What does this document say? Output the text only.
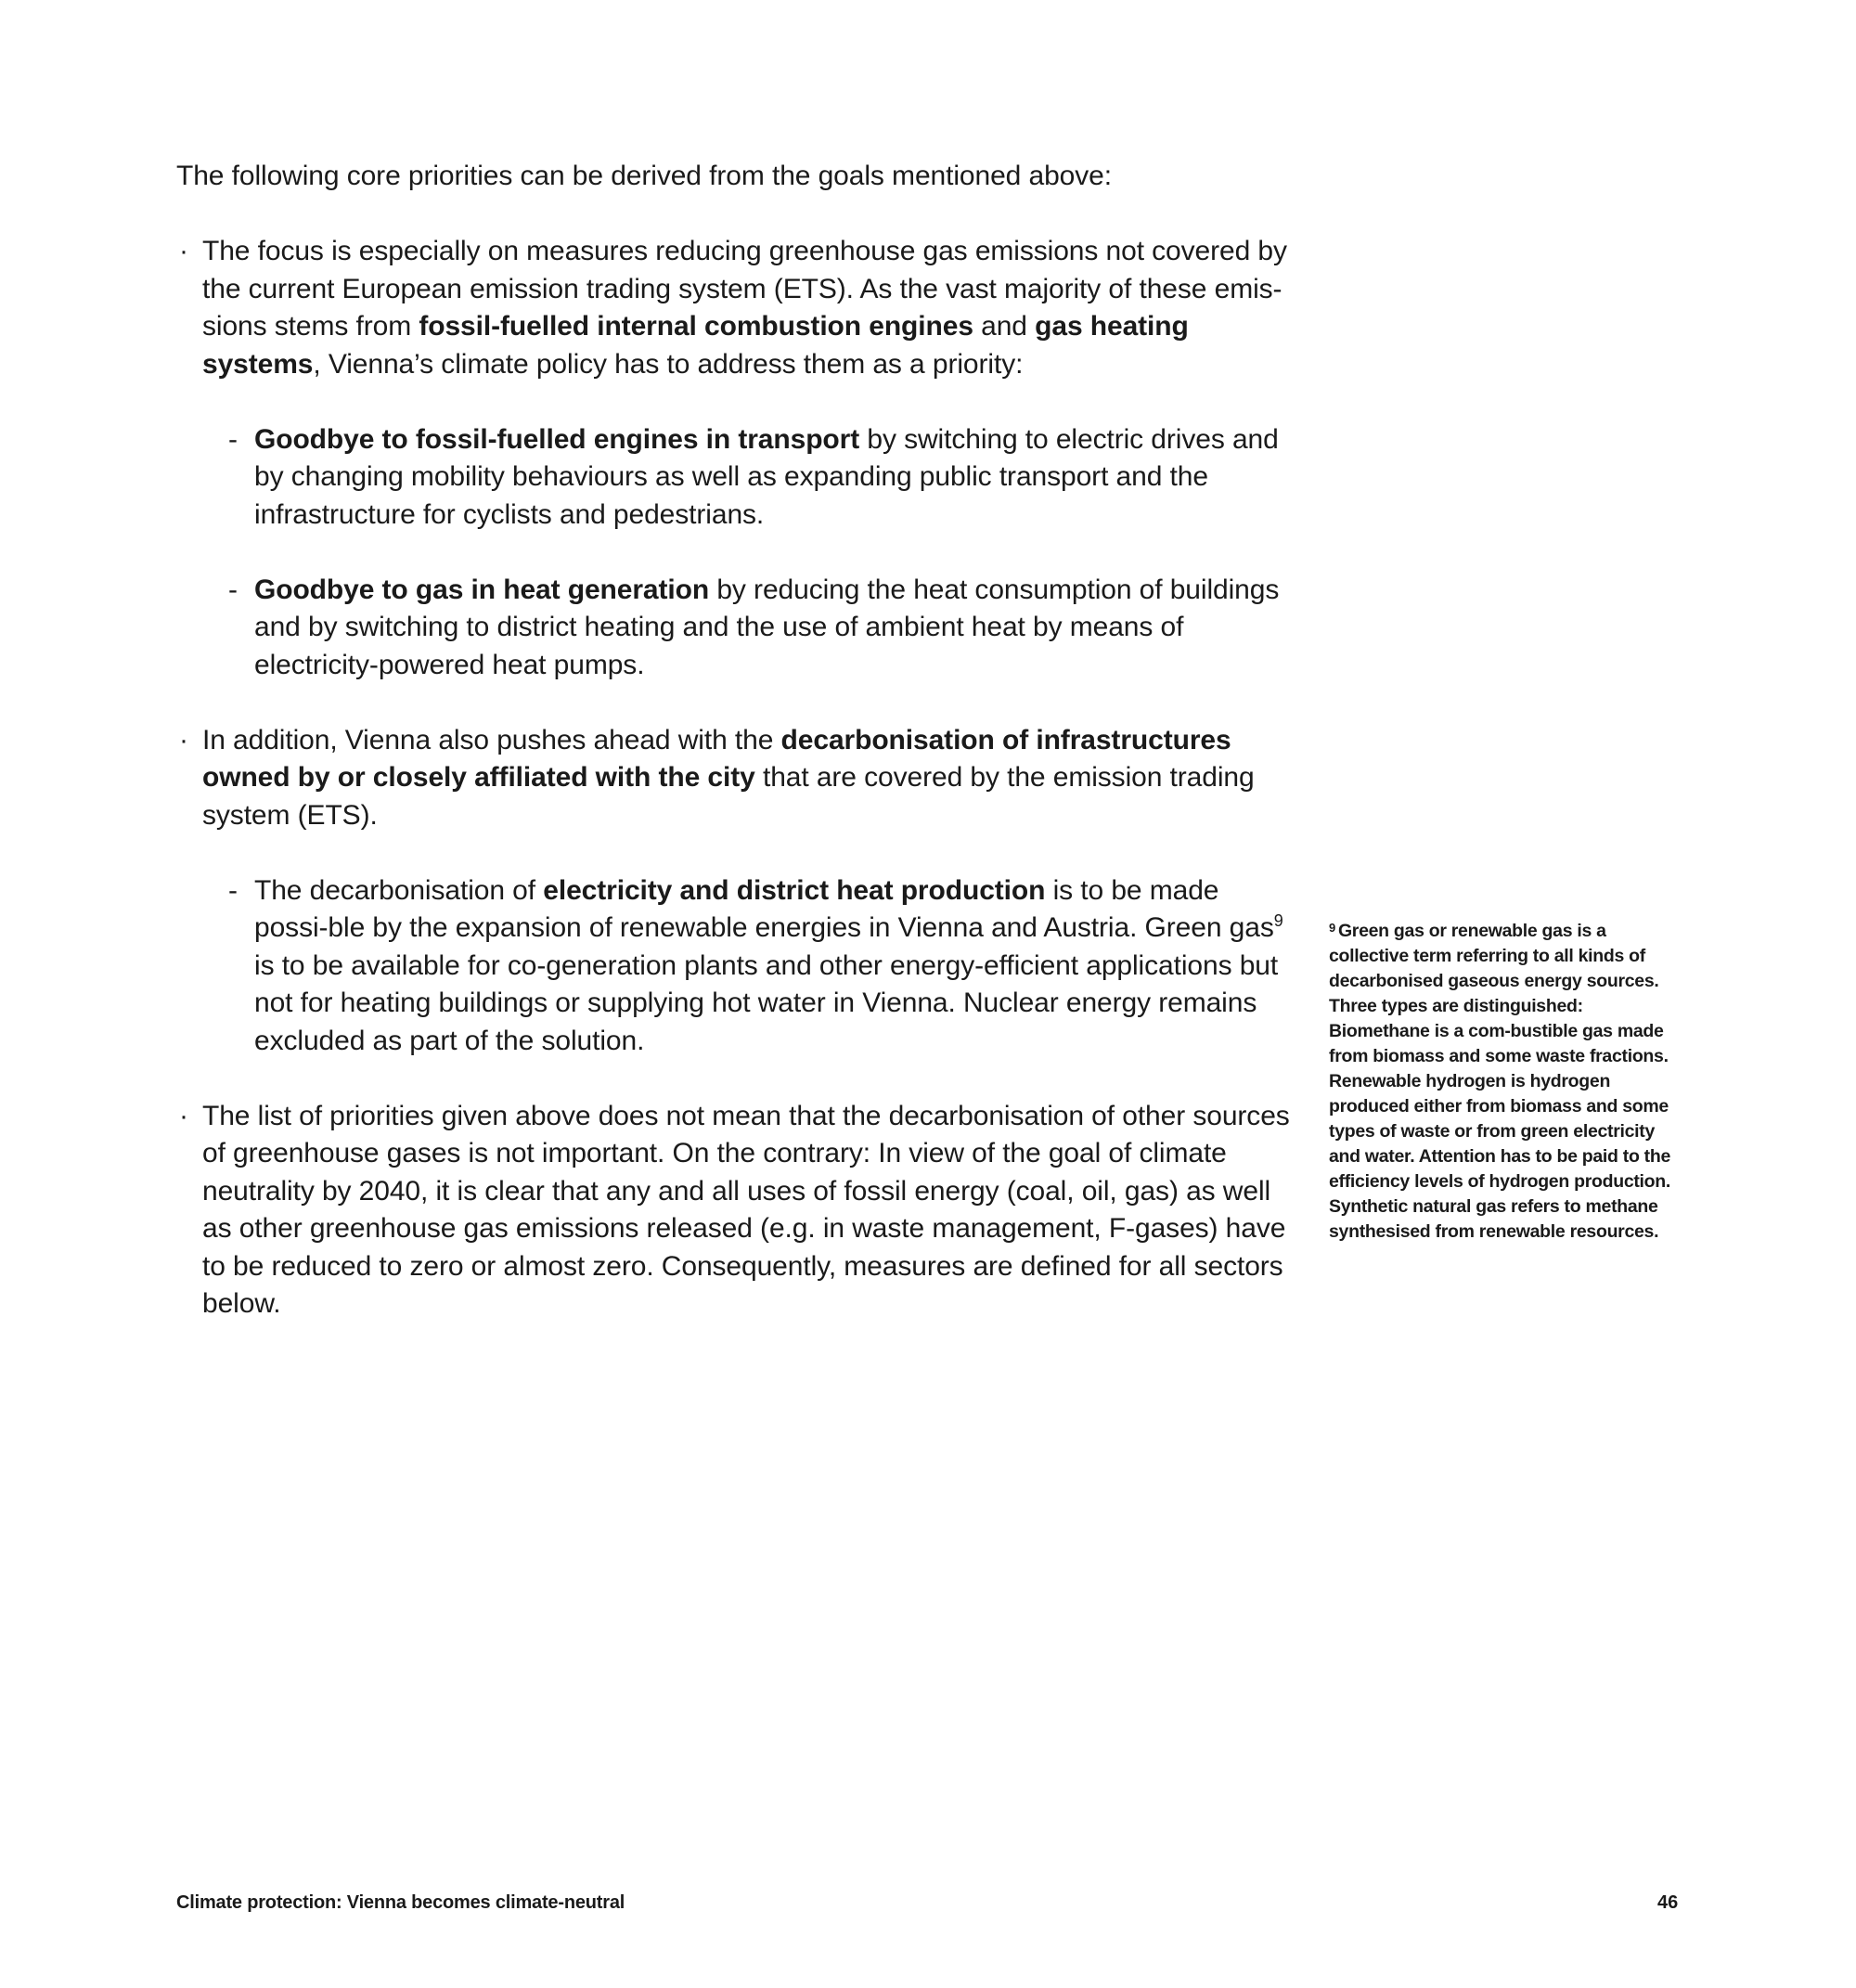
The following core priorities can be derived from the goals mentioned above:

· The focus is especially on measures reducing greenhouse gas emissions not covered by the current European emission trading system (ETS). As the vast majority of these emis-sions stems from fossil-fuelled internal combustion engines and gas heating systems, Vienna’s climate policy has to address them as a priority:

- Goodbye to fossil-fuelled engines in transport by switching to electric drives and by changing mobility behaviours as well as expanding public transport and the infrastructure for cyclists and pedestrians.

- Goodbye to gas in heat generation by reducing the heat consumption of buildings and by switching to district heating and the use of ambient heat by means of electricity-powered heat pumps.

· In addition, Vienna also pushes ahead with the decarbonisation of infrastructures owned by or closely affiliated with the city that are covered by the emission trading system (ETS).

- The decarbonisation of electricity and district heat production is to be made possi-ble by the expansion of renewable energies in Vienna and Austria. Green gas$^9$ is to be available for co-generation plants and other energy-efficient applications but not for heating buildings or supplying hot water in Vienna. Nuclear energy remains excluded as part of the solution.

· The list of priorities given above does not mean that the decarbonisation of other sources of greenhouse gases is not important. On the contrary: In view of the goal of climate neutrality by 2040, it is clear that any and all uses of fossil energy (coal, oil, gas) as well as other greenhouse gas emissions released (e.g. in waste management, F-gases) have to be reduced to zero or almost zero. Consequently, measures are defined for all sectors below.

$^9$ Green gas or renewable gas is a collective term referring to all kinds of decarbonised gaseous energy sources. Three types are distinguished: Biomethane is a com-bustible gas made from biomass and some waste fractions. Renewable hydrogen is hydrogen produced either from biomass and some types of waste or from green electricity and water. Attention has to be paid to the efficiency levels of hydrogen production. Synthetic natural gas refers to methane synthesised from renewable resources.
Climate protection: Vienna becomes climate-neutral	46
